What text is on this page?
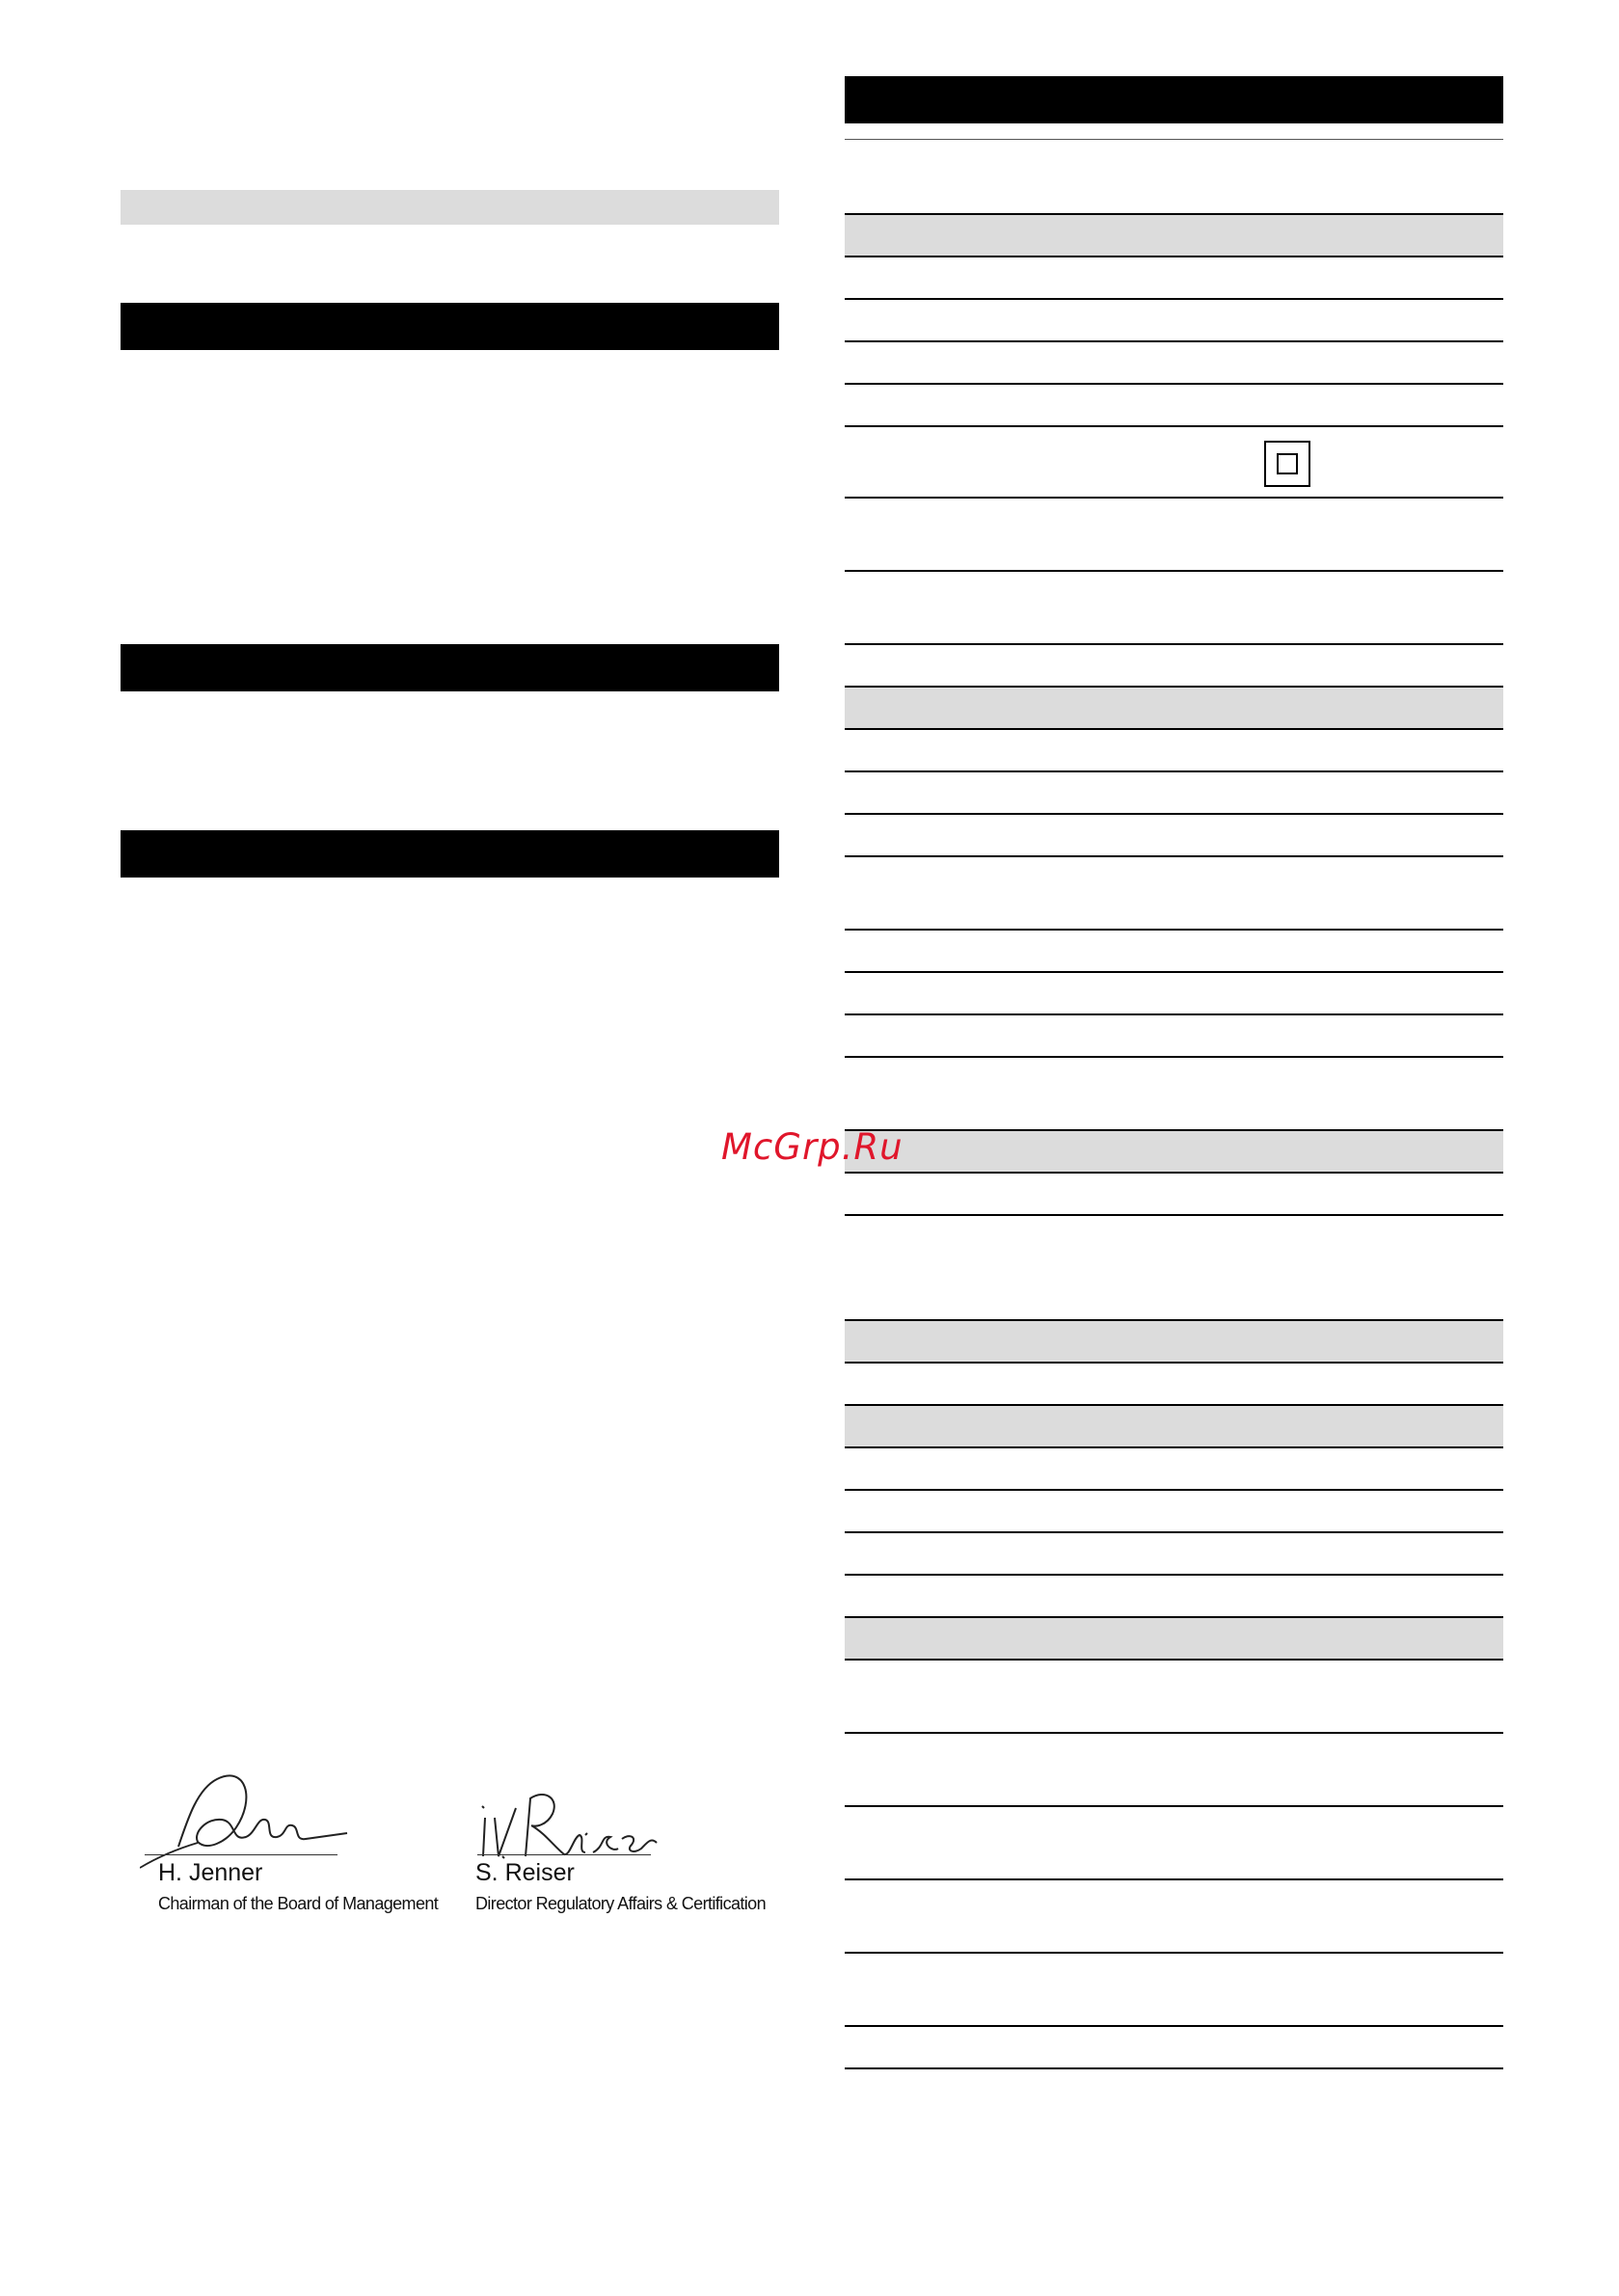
H. Jenner
Chairman of the Board of Management
S. Reiser
Director Regulatory Affairs & Certification
McGrp.Ru
